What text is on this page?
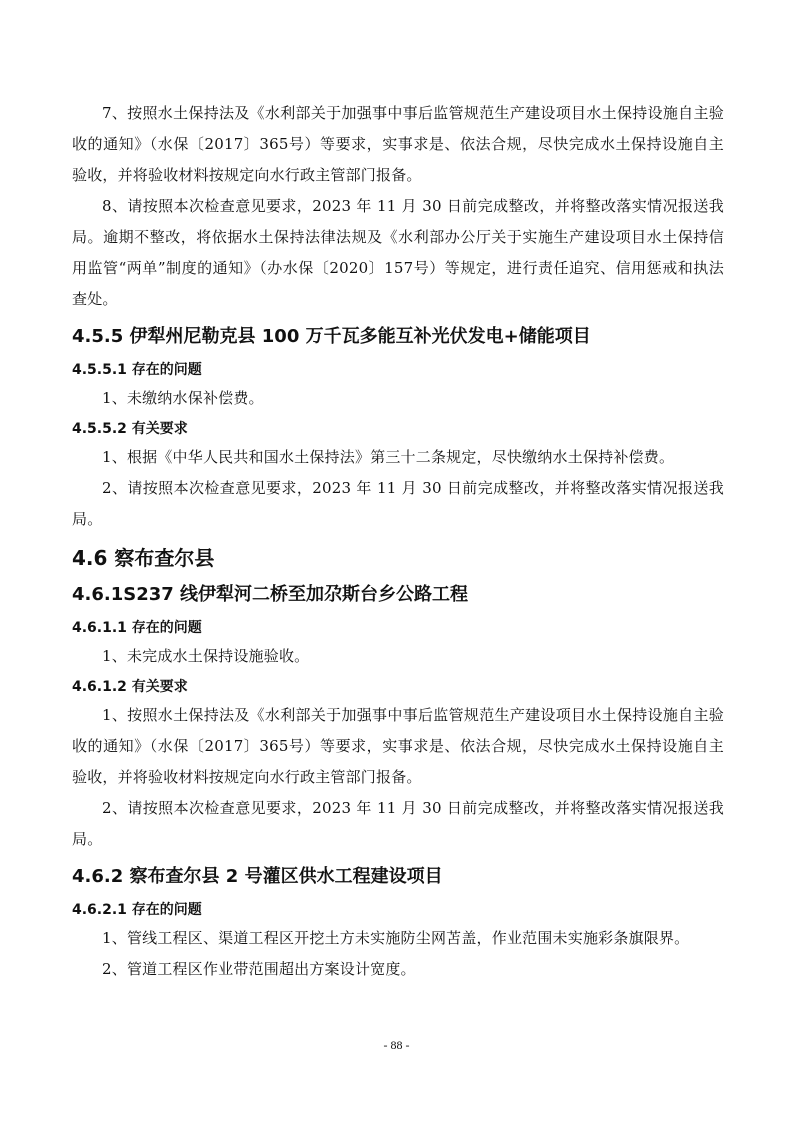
7、按照水土保持法及《水利部关于加强事中事后监管规范生产建设项目水土保持设施自主验收的通知》（水保〔2017〕365号）等要求，实事求是、依法合规，尽快完成水土保持设施自主验收，并将验收材料按规定向水行政主管部门报备。

8、请按照本次检查意见要求，2023 年 11 月 30 日前完成整改，并将整改落实情况报送我局。逾期不整改，将依据水土保持法律法规及《水利部办公厅关于实施生产建设项目水土保持信用监管“两单”制度的通知》（办水保〔2020〕157号）等规定，进行责任追究、信用惩戒和执法查处。

4.5.5 伊犁州尼勒克县 100 万千瓦多能互补光伏发电+储能项目
4.5.5.1 存在的问题

1、未缴纳水保补偿费。

4.5.5.2 有关要求

1、根据《中华人民共和国水土保持法》第三十二条规定，尽快缴纳水土保持补偿费。

2、请按照本次检查意见要求，2023 年 11 月 30 日前完成整改，并将整改落实情况报送我局。

4.6 察布查尔县
4.6.1S237 线伊犁河二桥至加尕斯台乡公路工程
4.6.1.1 存在的问题

1、未完成水土保持设施验收。

4.6.1.2 有关要求

1、按照水土保持法及《水利部关于加强事中事后监管规范生产建设项目水土保持设施自主验收的通知》（水保〔2017〕365号）等要求，实事求是、依法合规，尽快完成水土保持设施自主验收，并将验收材料按规定向水行政主管部门报备。

2、请按照本次检查意见要求，2023 年 11 月 30 日前完成整改，并将整改落实情况报送我局。

4.6.2 察布查尔县 2 号灌区供水工程建设项目
4.6.2.1 存在的问题

1、管线工程区、渠道工程区开挖土方未实施防尘网苫盖，作业范围未实施彩条旗限界。

2、管道工程区作业带范围超出方案设计宽度。

- 88 -
